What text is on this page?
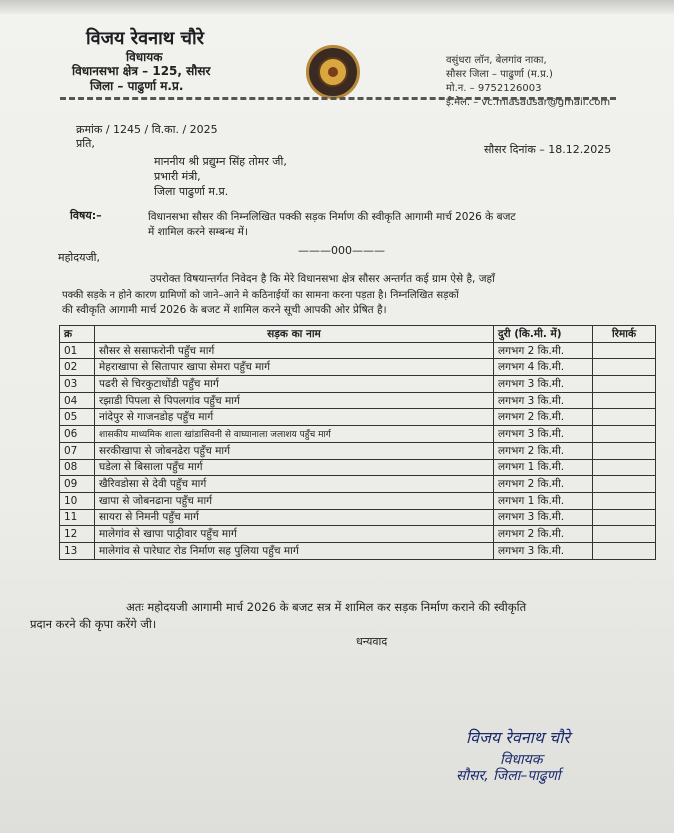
विजय रेवनाथ चौरे
विधायक
विधानसभा क्षेत्र – 125, सौसर
जिला – पाढुर्णा म.प्र.
वसुंधरा लॉन, बेलगांव नाका,
सौसर जिला – पाढुर्णा (म.प्र.)
मो.न. – 9752126003
ई.मेल. – vc.mlasausar@gmail.com
क्रमांक / 1245 / वि.का. / 2025
प्रति,	सौसर दिनांक – 18.12.2025
माननीय श्री प्रद्युम्न सिंह तोमर जी,
प्रभारी मंत्री,
जिला पाढुर्णा म.प्र.
विषय:–	विधानसभा सौसर की निम्नलिखित पक्की सड़क निर्माण की स्वीकृति आगामी मार्च 2026 के बजट
में शामिल करने सम्बन्ध में।
———000———
महोदयजी,
उपरोक्त विषयान्तर्गत निवेदन है कि मेरे विधानसभा क्षेत्र सौसर अन्तर्गत कई ग्राम ऐसे है, जहाँ
पक्की सड़के न होने कारण ग्रामिणों को जाने–आने मे कठिनाईयों का सामना करना पड़ता है। निम्नलिखित सड़कों
की स्वीकृति आगामी मार्च 2026 के बजट में शामिल करने सूची आपकी ओर प्रेषित है।
क्र	सड़क का नाम	दुरी (कि.मी. में)	रिमार्क
01	सौसर से ससाफरोनी पहुँच मार्ग	लगभग 2 कि.मी.	
02	मेहराखापा से सितापार खापा सेमरा पहुँच मार्ग	लगभग 4 कि.मी.	
03	पढरी से चिरकुटाधोंडी पहुँच मार्ग	लगभग 3 कि.मी.	
04	रझाडी पिपला से पिपलगांव पहुँच मार्ग	लगभग 3 कि.मी.	
05	नांदेपुर से गाजनडोह पहुँच मार्ग	लगभग 2 कि.मी.	
06	शासकीय माध्यमिक शाला खांडासिवनी से वाघ्यानाला जलाशय पहुँच मार्ग	लगभग 3 कि.मी.	
07	सरकीखापा से जोबनढेरा पहुँच मार्ग	लगभग 2 कि.मी.	
08	घडेला से बिसाला पहुँच मार्ग	लगभग 1 कि.मी.	
09	खैरिवडोसा से देवी पहुँच मार्ग	लगभग 2 कि.मी.	
10	खापा से जोबनढाना पहुँच मार्ग	लगभग 1 कि.मी.	
11	सायरा से निमनी पहुँच मार्ग	लगभग 3 कि.मी.	
12	मालेगांव से खापा पाठ्रीवार पहुँच मार्ग	लगभग 2 कि.मी.	
13	मालेगांव से पारेघाट रोड निर्माण सह पुलिया पहुँच मार्ग	लगभग 3 कि.मी.	
अतः महोदयजी आगामी मार्च 2026 के बजट सत्र में शामिल कर सड़क निर्माण कराने की स्वीकृति
प्रदान करने की कृपा करेंगे जी।
धन्यवाद
विजय रेवनाथ चौरे
विधायक
सौसर, जिला–पाढुर्णा
